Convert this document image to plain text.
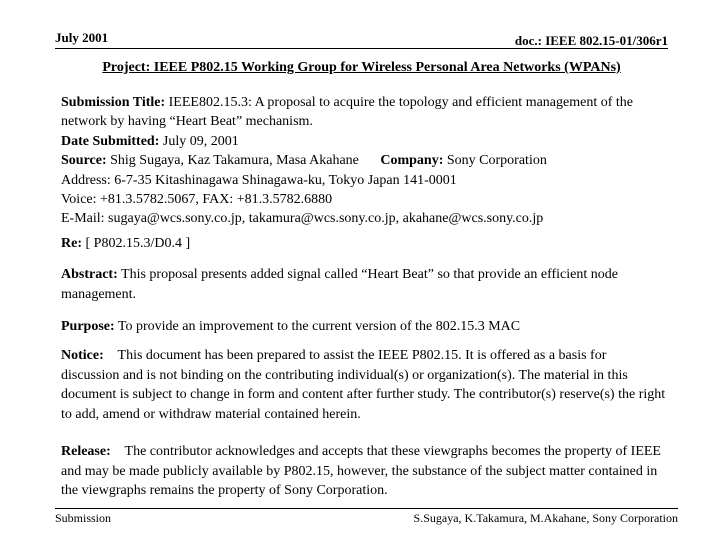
July 2001	doc.: IEEE 802.15-01/306r1
Project: IEEE P802.15 Working Group for Wireless Personal Area Networks (WPANs)

Submission Title: IEEE802.15.3: A proposal to acquire the topology and efficient management of the network by having “Heart Beat” mechanism.

Date Submitted: July 09, 2001

Source: Shig Sugaya, Kaz Takamura, Masa Akahane Company: Sony Corporation

Address: 6-7-35 Kitashinagawa Shinagawa-ku, Tokyo Japan 141-0001

Voice: +81.3.5782.5067, FAX: +81.3.5782.6880

E-Mail: sugaya@wcs.sony.co.jp, takamura@wcs.sony.co.jp, akahane@wcs.sony.co.jp

Re: [ P802.15.3/D0.4 ]

Abstract: This proposal presents added signal called “Heart Beat” so that provide an efficient node management.

Purpose: To provide an improvement to the current version of the 802.15.3 MAC

Notice: This document has been prepared to assist the IEEE P802.15. It is offered as a basis for discussion and is not binding on the contributing individual(s) or organization(s). The material in this document is subject to change in form and content after further study. The contributor(s) reserve(s) the right to add, amend or withdraw material contained herein.

Release: The contributor acknowledges and accepts that these viewgraphs becomes the property of IEEE and may be made publicly available by P802.15, however, the substance of the subject matter contained in the viewgraphs remains the property of Sony Corporation.

Submission	S.Sugaya, K.Takamura, M.Akahane, Sony Corporation
